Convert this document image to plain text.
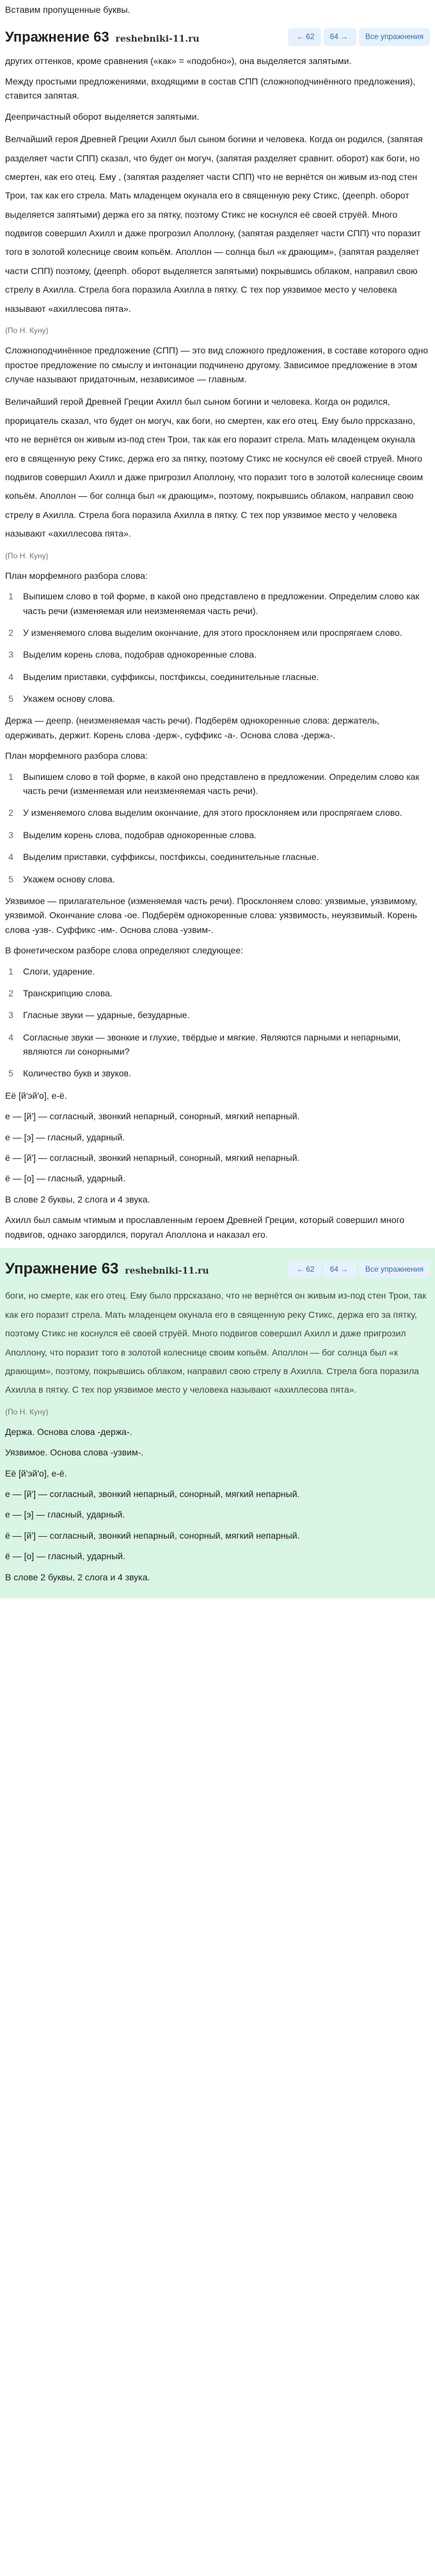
Вставим пропущенные буквы.
Упражнение 63 reshebniki-11.ru	← 62	64 →	Все упражнения
других оттенков, кроме сравнения («как» = «подобно»), она выделяется запятыми.
Между простыми предложениями, входящими в состав СПП (сложноподчинённого предложения), ставится запятая.
Деепричастный оборот выделяется запятыми.
Велчайший героя Древней Греции Ахилл был сыном богини и человека. Когда он родился, (запятая разделяет части СПП) сказал, что будет он могуч, (запятая разделяет сравнит. оборот) как боги, но смертен, как его отец. Ему , (запятая разделяет части СПП) что не вернётся он живым из-под стен Трои, так как его стрела. Мать младенцем окунала его в священную реку Стикс, (деепрh. оборот выделяется запятыми) держа его за пятку, поэтому Стикс не коснулся её своей струёй. Много подвигов совершил Ахилл и даже прогрозил Аполлону, (запятая разделяет части СПП) что поразит того в золотой колеснице своим копьём. Аполлон — солнца был «к драющим», (запятая разделяет части СПП) поэтому, (деепрh. оборот выделяется запятыми) покрывшись облаком, направил свою стрелу в Ахилла. Стрела бога поразила Ахилла в пятку. С тех пор уязвимое место у человека называют «ахиллесова пята».
(По Н. Куну)
Сложноподчинённое предложение (СПП) — это вид сложного предложения, в составе которого одно простое предложение по смыслу и интонации подчинено другому. Зависимое предложение в этом случае называют придаточным, независимое — главным.
Величайший герой Древней Греции Ахилл был сыном богини и человека. Когда он родился, прорицатель сказал, что будет он могуч, как боги, но смертен, как его отец. Ему было прpсказано, что не вернётся он живым из-под стен Трои, так как его поразит стрела. Мать младенцем окунала его в священную реку Стикс, держа его за пятку, поэтому Стикс не коснулся её своей струей. Много подвигов совершил Ахилл и даже пригрозил Аполлону, что поразит того в золотой колеснице своим копьём. Аполлон — бог солнца был «к драющим», поэтому, покрывшись облаком, направил свою стрелу в Ахилла. Стрела бога поразила Ахилла в пятку. С тех пор уязвимое место у человека называют «ахиллесова пята».
(По Н. Куну)
План морфемного разбора слова:
1	Выпишем слово в той форме, в какой оно представлено в предложении. Определим слово как часть речи (изменяемая или неизменяемая часть речи).
2	У изменяемого слова выделим окончание, для этого просклоняем или проспрягаем слово.
3	Выделим корень слова, подобрав однокоренные слова.
4	Выделим приставки, суффиксы, постфиксы, соединительные гласные.
5	Укажем основу слова.
Держа — деепр. (неизменяемая часть речи). Подберём однокоренные слова: держатель, одерживать, держит. Корень слова -держ-, суффикс -а-. Основа слова -держа-.
План морфемного разбора слова:
1	Выпишем слово в той форме, в какой оно представлено в предложении. Определим слово как часть речи (изменяемая или неизменяемая часть речи).
2	У изменяемого слова выделим окончание, для этого просклоняем или проспрягаем слово.
3	Выделим корень слова, подобрав однокоренные слова.
4	Выделим приставки, суффиксы, постфиксы, соединительные гласные.
5	Укажем основу слова.
Уязвимое — прилагательное (изменяемая часть речи). Просклоняем слово: уязвимые, уязвимому, уязвимой. Окончание слова -ое. Подберём однокоренные слова: уязвимость, неуязвимый. Корень слова -узв-. Суффикс -им-. Основа слова -узвим-.
В фонетическом разборе слова определяют следующее:
1	Слоги, ударение.
2	Транскрипцию слова.
3	Гласные звуки — ударные, безударные.
4	Согласные звуки — звонкие и глухие, твёрдые и мягкие. Являются парными и непарными, являются ли сонорными?
5	Количество букв и звуков.
Её [й'эй'о], е-ё.
е — [й'] — согласный, звонкий непарный, сонорный, мягкий непарный.
е — [э] — гласный, ударный.
ё — [й'] — согласный, звонкий непарный, сонорный, мягкий непарный.
ё — [о] — гласный, ударный.
В слове 2 буквы, 2 слога и 4 звука.
Ахилл был самым чтимым и прославленным героем Древней Греции, который совершил много подвигов, однако загордился, поругал Аполлона и наказал его.
Упражнение 63 reshebniki-11.ru	← 62	64 →	Все упражнения
боги, но смерте, как его отец. Ему было прpсказано, что не вернётся он живым из-под стен Трои, так как его поразит стрела. Мать младенцем окунала его в священную реку Стикс, держа его за пятку, поэтому Стикс не коснулся её своей струёй. Много подвигов совершил Ахилл и даже пригрозил Аполлону, что поразит того в золотой колеснице своим копьём. Аполлон — бог солнца был «к драющим», поэтому, покрывшись облаком, направил свою стрелу в Ахилла. Стрела бога поразила Ахилла в пятку. С тех пор уязвимое место у человека называют «ахиллесова пята».
(По Н. Куну)
Держа. Основа слова -держа-.
Уязвимое. Основа слова -узвим-.
Её [й'эй'о], е-ё.
е — [й'] — согласный, звонкий непарный, сонорный, мягкий непарный.
е — [э] — гласный, ударный.
ё — [й'] — согласный, звонкий непарный, сонорный, мягкий непарный.
ё — [о] — гласный, ударный.
В слове 2 буквы, 2 слога и 4 звука.
